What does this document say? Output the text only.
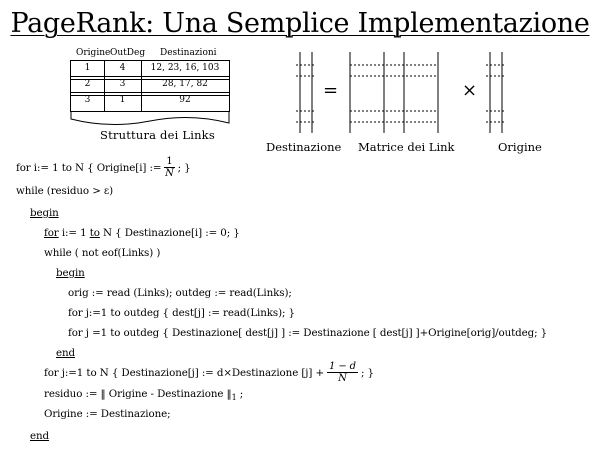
PageRank: Una Semplice Implementazione
Origine OutDeg Destinazioni
1	4	12, 23, 16, 103
2	3	28, 17, 82
3	1	92
Struttura dei Links
=	×
Destinazione Matrice dei Link	Origine
for i:= 1 to N { Origine[i] := $\frac{1}{N}$ ; }
while (residuo > ε)
begin
for i:= 1 to N { Destinazione[i] := 0; }
while ( not eof(Links) )
begin
orig := read (Links); outdeg := read(Links);
for j:=1 to outdeg { dest[j] := read(Links); }
for j =1 to outdeg { Destinazione[ dest[j] ] := Destinazione [ dest[j] ]+Origine[orig]/outdeg; }
end
for j:=1 to N { Destinazione[j] := d×Destinazione $[j] + \frac{1 - d}{N}$ ; }
residuo := ‖ Origine - Destinazione $‖_1$ ;
Origine := Destinazione;
end
